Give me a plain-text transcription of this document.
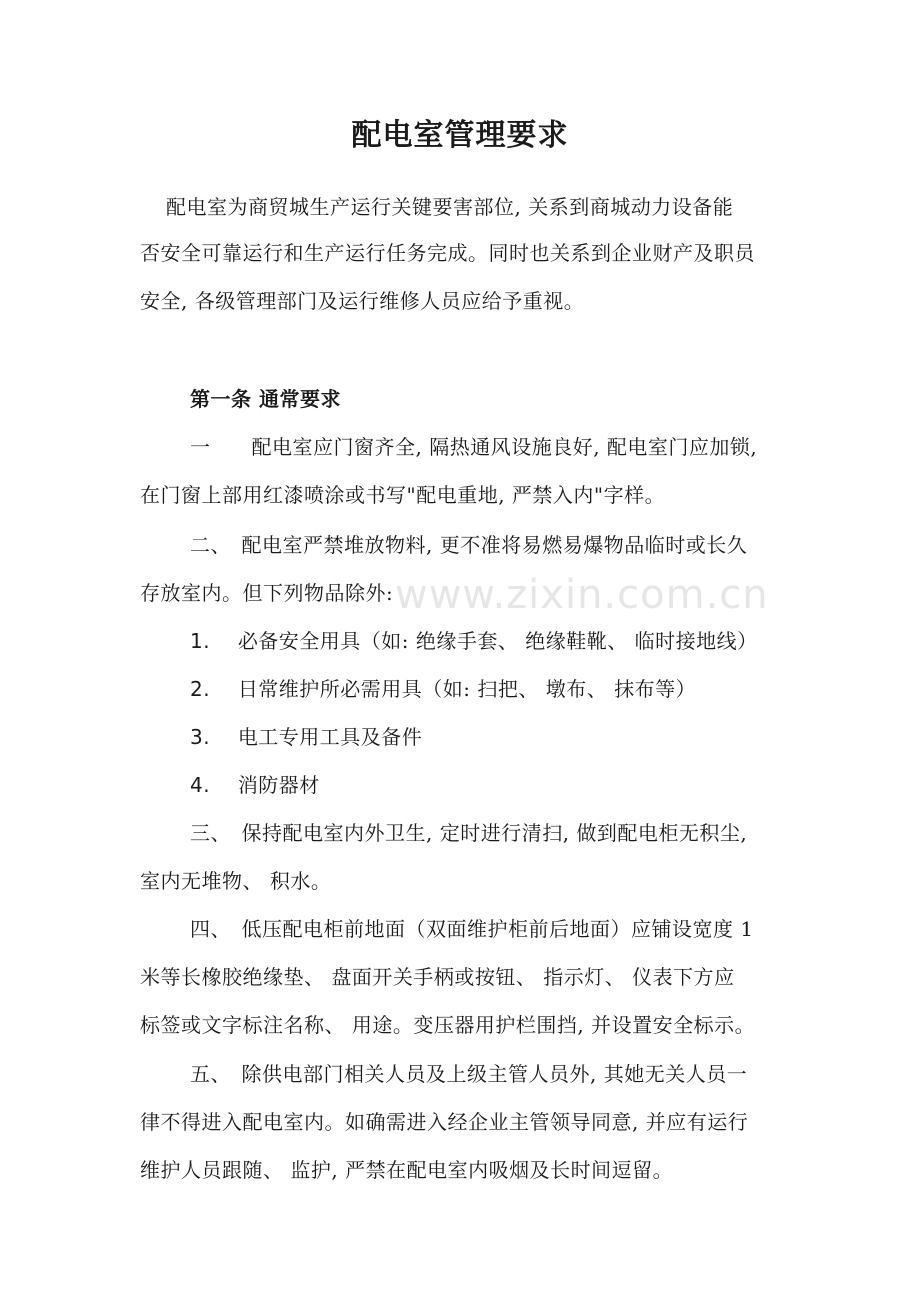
www.zixin.com.cn
配电室管理要求
配电室为商贸城生产运行关键要害部位, 关系到商城动力设备能
否安全可靠运行和生产运行任务完成。同时也关系到企业财产及职员
安全, 各级管理部门及运行维修人员应给予重视。
第一条 通常要求
一　　配电室应门窗齐全, 隔热通风设施良好, 配电室门应加锁,
在门窗上部用红漆喷涂或书写"配电重地, 严禁入内"字样。
二、　配电室严禁堆放物料, 更不准将易燃易爆物品临时或长久
存放室内。但下列物品除外:
1. 必备安全用具（如: 绝缘手套、 绝缘鞋靴、 临时接地线）
2. 日常维护所必需用具（如: 扫把、 墩布、 抹布等）
3. 电工专用工具及备件
4. 消防器材
三、　保持配电室内外卫生, 定时进行清扫, 做到配电柜无积尘,
室内无堆物、 积水。
四、　低压配电柜前地面（双面维护柜前后地面）应铺设宽度 1
米等长橡胶绝缘垫、 盘面开关手柄或按钮、 指示灯、 仪表下方应
标签或文字标注名称、 用途。变压器用护栏围挡, 并设置安全标示。
五、　除供电部门相关人员及上级主管人员外, 其她无关人员一
律不得进入配电室内。如确需进入经企业主管领导同意, 并应有运行
维护人员跟随、 监护, 严禁在配电室内吸烟及长时间逗留。
